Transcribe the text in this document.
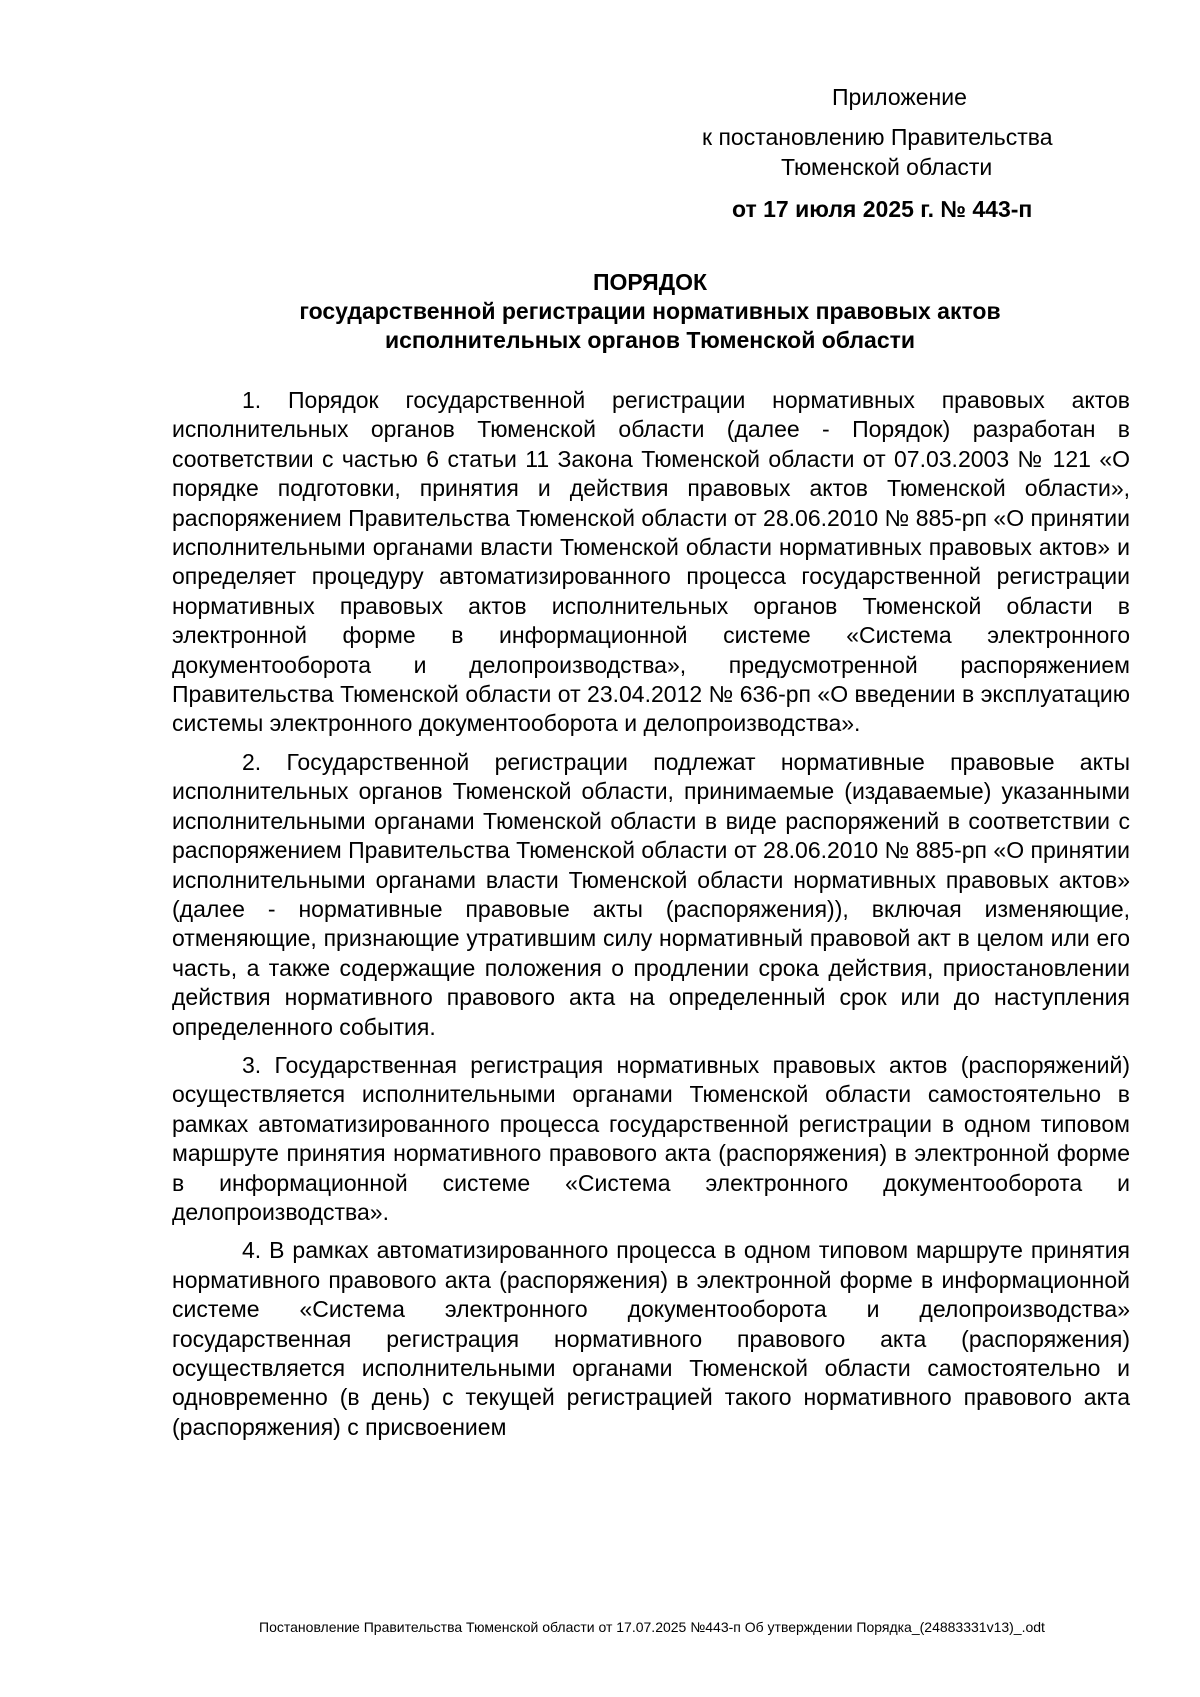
Приложение
к постановлению Правительства
Тюменской области
от 17 июля 2025 г. № 443-п
ПОРЯДОК
государственной регистрации нормативных правовых актов
исполнительных органов Тюменской области

1. Порядок государственной регистрации нормативных правовых актов исполнительных органов Тюменской области (далее - Порядок) разработан в соответствии с частью 6 статьи 11 Закона Тюменской области от 07.03.2003 № 121 «О порядке подготовки, принятия и действия правовых актов Тюменской области», распоряжением Правительства Тюменской области от 28.06.2010 № 885-рп «О принятии исполнительными органами власти Тюменской области нормативных правовых актов» и определяет процедуру автоматизированного процесса государственной регистрации нормативных правовых актов исполнительных органов Тюменской области в электронной форме в информационной системе «Система электронного документооборота и делопроизводства», предусмотренной распоряжением Правительства Тюменской области от 23.04.2012 № 636-рп «О введении в эксплуатацию системы электронного документооборота и делопроизводства».

2. Государственной регистрации подлежат нормативные правовые акты исполнительных органов Тюменской области, принимаемые (издаваемые) указанными исполнительными органами Тюменской области в виде распоряжений в соответствии с распоряжением Правительства Тюменской области от 28.06.2010 № 885-рп «О принятии исполнительными органами власти Тюменской области нормативных правовых актов» (далее - нормативные правовые акты (распоряжения)), включая изменяющие, отменяющие, признающие утратившим силу нормативный правовой акт в целом или его часть, а также содержащие положения о продлении срока действия, приостановлении действия нормативного правового акта на определенный срок или до наступления определенного события.

3. Государственная регистрация нормативных правовых актов (распоряжений) осуществляется исполнительными органами Тюменской области самостоятельно в рамках автоматизированного процесса государственной регистрации в одном типовом маршруте принятия нормативного правового акта (распоряжения) в электронной форме в информационной системе «Система электронного документооборота и делопроизводства».

4. В рамках автоматизированного процесса в одном типовом маршруте принятия нормативного правового акта (распоряжения) в электронной форме в информационной системе «Система электронного документооборота и делопроизводства» государственная регистрация нормативного правового акта (распоряжения) осуществляется исполнительными органами Тюменской области самостоятельно и одновременно (в день) с текущей регистрацией такого нормативного правового акта (распоряжения) с присвоением

Постановление Правительства Тюменской области от 17.07.2025 №443-п Об утверждении Порядка_(24883331v13)_.odt
